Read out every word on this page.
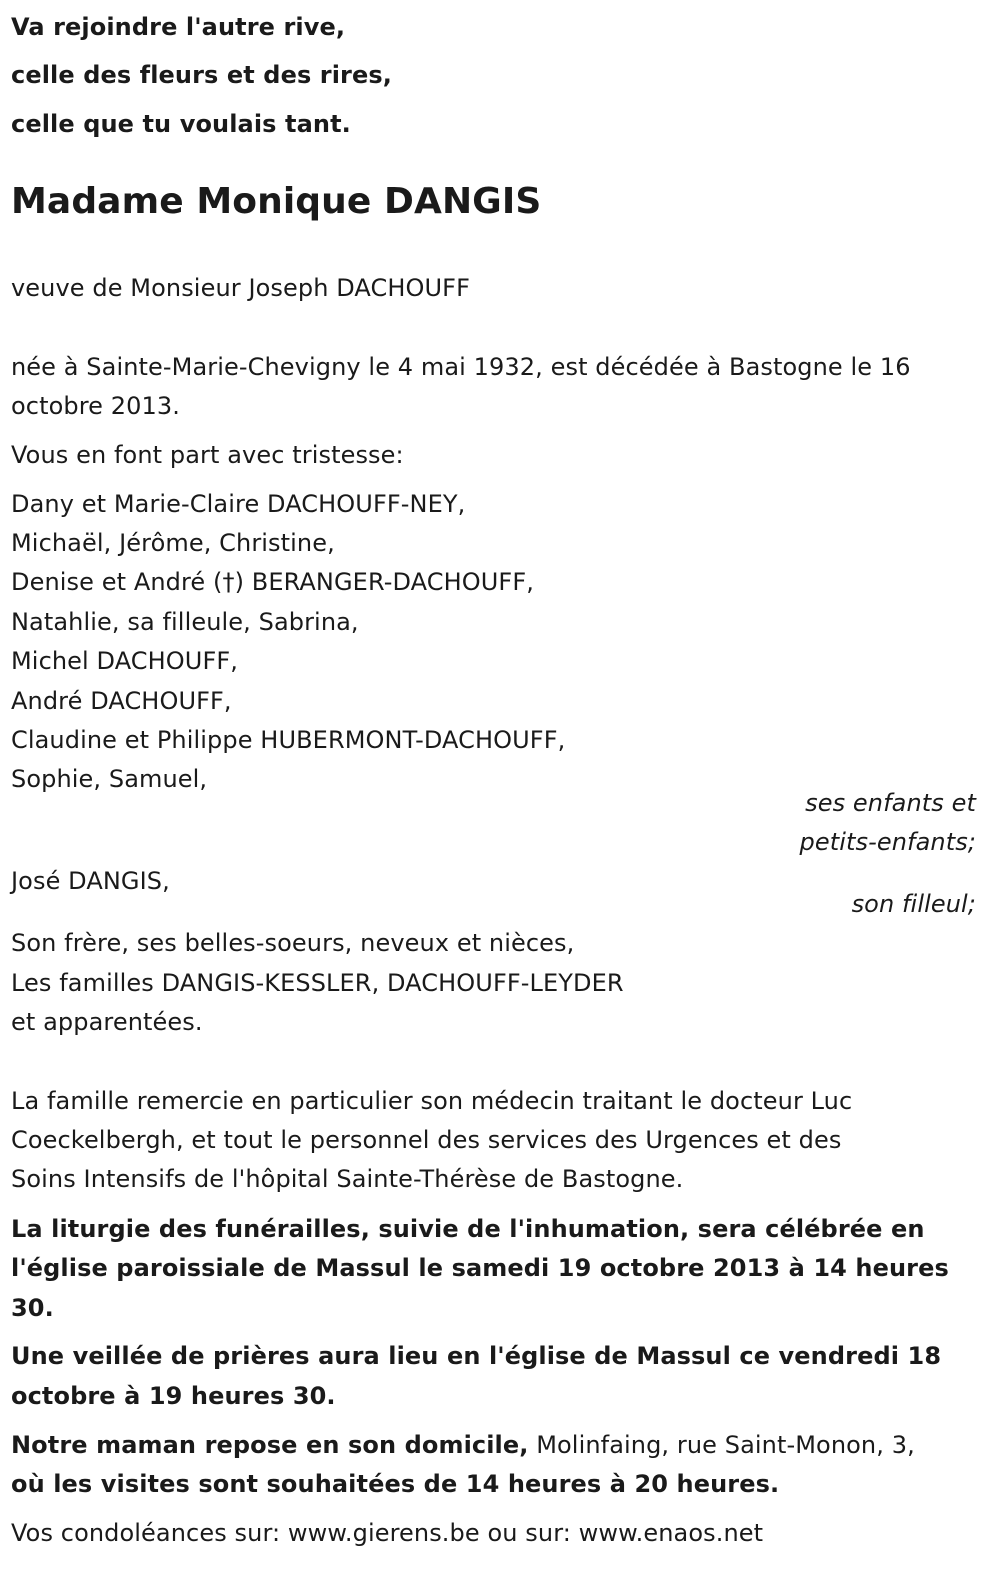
Va rejoindre l'autre rive,
celle des fleurs et des rires,
celle que tu voulais tant.
Madame Monique DANGIS
veuve de Monsieur Joseph DACHOUFF
née à Sainte-Marie-Chevigny le 4 mai 1932, est décédée à Bastogne le 16
octobre 2013.
Vous en font part avec tristesse:
Dany et Marie-Claire DACHOUFF-NEY,
Michaël, Jérôme, Christine,
Denise et André (†) BERANGER-DACHOUFF,
Natahlie, sa filleule, Sabrina,
Michel DACHOUFF,
André DACHOUFF,
Claudine et Philippe HUBERMONT-DACHOUFF,
Sophie, Samuel,
ses enfants et
petits-enfants;
José DANGIS,
son filleul;
Son frère, ses belles-soeurs, neveux et nièces,
Les familles DANGIS-KESSLER, DACHOUFF-LEYDER
et apparentées.
La famille remercie en particulier son médecin traitant le docteur Luc
Coeckelbergh, et tout le personnel des services des Urgences et des
Soins Intensifs de l'hôpital Sainte-Thérèse de Bastogne.
La liturgie des funérailles, suivie de l'inhumation, sera célébrée en
l'église paroissiale de Massul le samedi 19 octobre 2013 à 14 heures
30.
Une veillée de prières aura lieu en l'église de Massul ce vendredi 18
octobre à 19 heures 30.
Notre maman repose en son domicile, Molinfaing, rue Saint-Monon, 3,
où les visites sont souhaitées de 14 heures à 20 heures.
Vos condoléances sur: www.gierens.be ou sur: www.enaos.net
